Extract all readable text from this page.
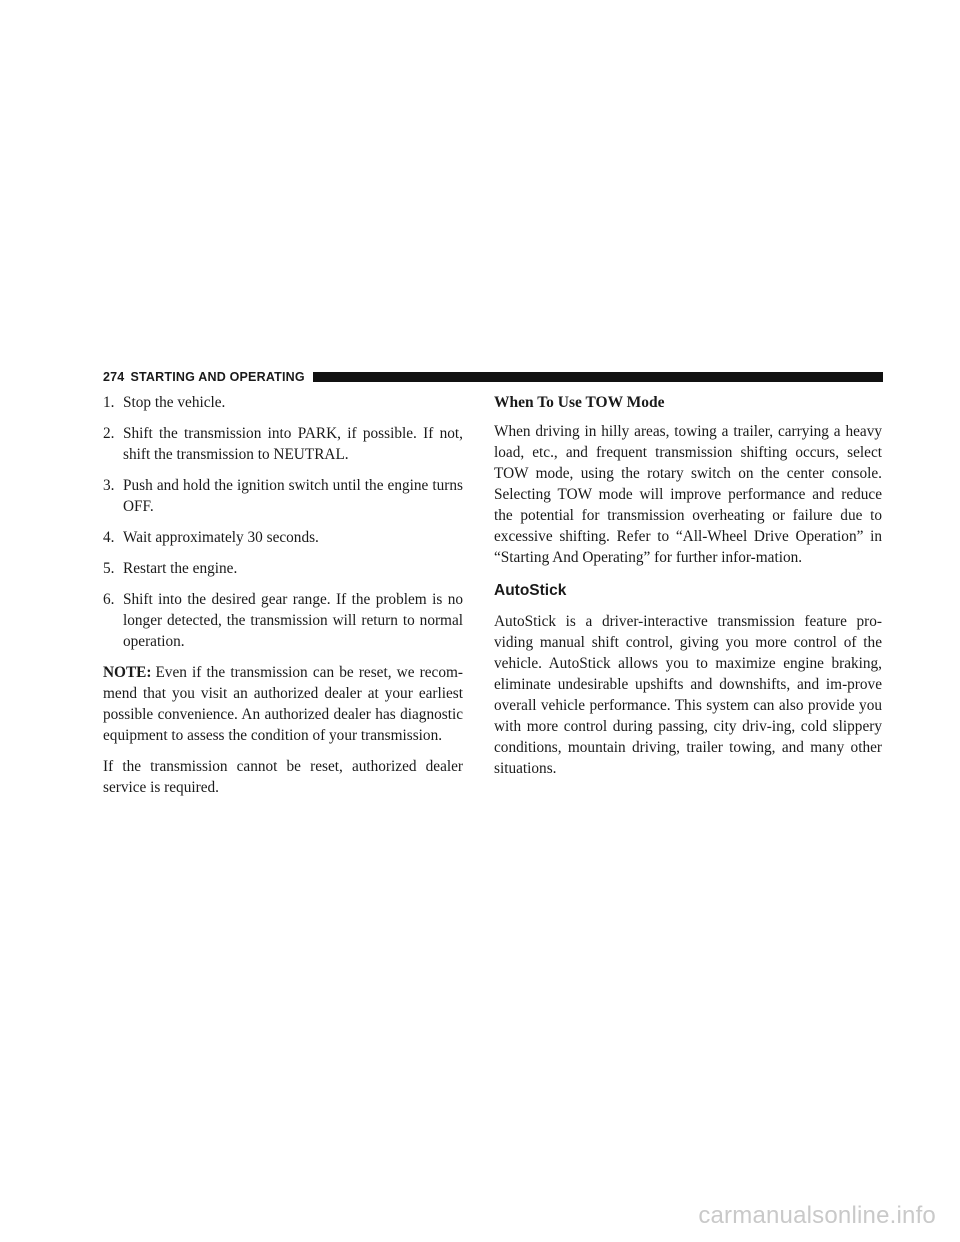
274 STARTING AND OPERATING
1. Stop the vehicle.
2. Shift the transmission into PARK, if possible. If not, shift the transmission to NEUTRAL.
3. Push and hold the ignition switch until the engine turns OFF.
4. Wait approximately 30 seconds.
5. Restart the engine.
6. Shift into the desired gear range. If the problem is no longer detected, the transmission will return to normal operation.

NOTE: Even if the transmission can be reset, we recom-mend that you visit an authorized dealer at your earliest possible convenience. An authorized dealer has diagnostic equipment to assess the condition of your transmission.

If the transmission cannot be reset, authorized dealer service is required.

When To Use TOW Mode

When driving in hilly areas, towing a trailer, carrying a heavy load, etc., and frequent transmission shifting occurs, select TOW mode, using the rotary switch on the center console. Selecting TOW mode will improve performance and reduce the potential for transmission overheating or failure due to excessive shifting. Refer to “All-Wheel Drive Operation” in “Starting And Operating” for further infor-mation.

AutoStick

AutoStick is a driver-interactive transmission feature pro-viding manual shift control, giving you more control of the vehicle. AutoStick allows you to maximize engine braking, eliminate undesirable upshifts and downshifts, and im-prove overall vehicle performance. This system can also provide you with more control during passing, city driv-ing, cold slippery conditions, mountain driving, trailer towing, and many other situations.

carmanualsonline.info
